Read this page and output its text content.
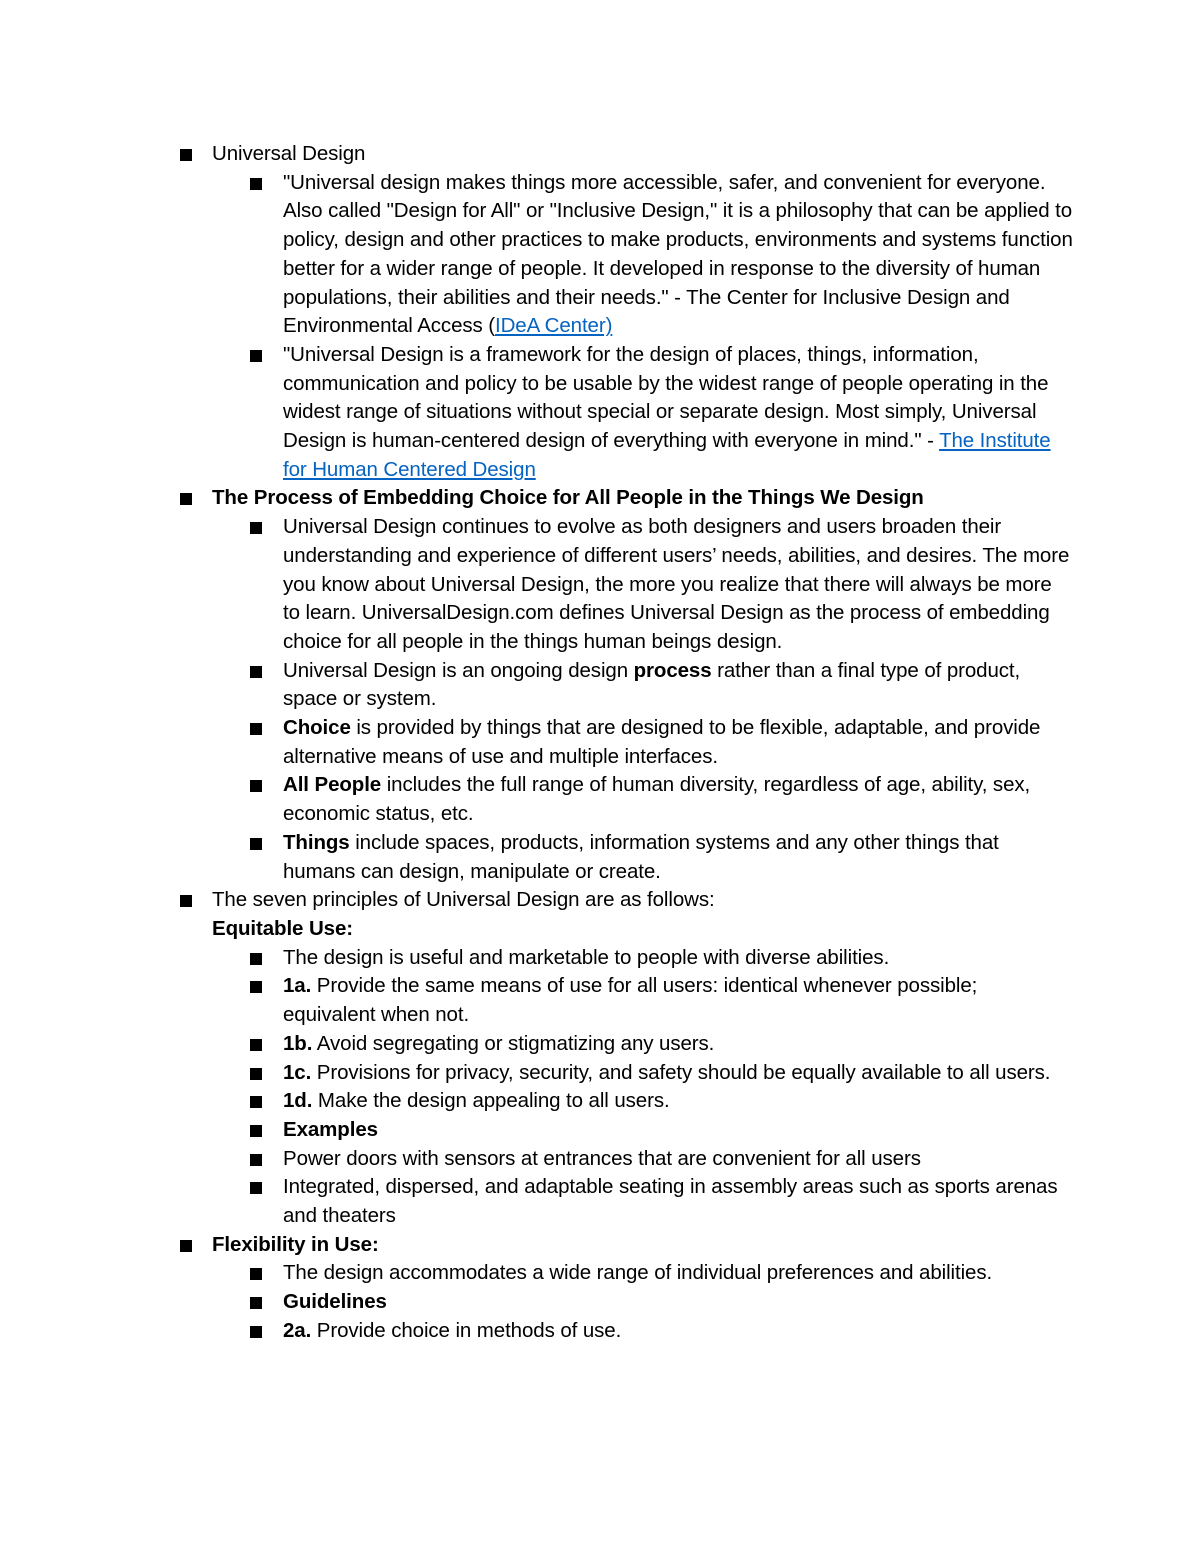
Universal Design
"Universal design makes things more accessible, safer, and convenient for everyone. Also called "Design for All" or "Inclusive Design," it is a philosophy that can be applied to policy, design and other practices to make products, environments and systems function better for a wider range of people. It developed in response to the diversity of human populations, their abilities and their needs." - The Center for Inclusive Design and Environmental Access (IDeA Center)
"Universal Design is a framework for the design of places, things, information, communication and policy to be usable by the widest range of people operating in the widest range of situations without special or separate design. Most simply, Universal Design is human-centered design of everything with everyone in mind." - The Institute for Human Centered Design
The Process of Embedding Choice for All People in the Things We Design
Universal Design continues to evolve as both designers and users broaden their understanding and experience of different users’ needs, abilities, and desires. The more you know about Universal Design, the more you realize that there will always be more to learn. UniversalDesign.com defines Universal Design as the process of embedding choice for all people in the things human beings design.
Universal Design is an ongoing design process rather than a final type of product, space or system.
Choice is provided by things that are designed to be flexible, adaptable, and provide alternative means of use and multiple interfaces.
All People includes the full range of human diversity, regardless of age, ability, sex, economic status, etc.
Things include spaces, products, information systems and any other things that humans can design, manipulate or create.
The seven principles of Universal Design are as follows:
Equitable Use:
The design is useful and marketable to people with diverse abilities.
1a. Provide the same means of use for all users: identical whenever possible; equivalent when not.
1b. Avoid segregating or stigmatizing any users.
1c. Provisions for privacy, security, and safety should be equally available to all users.
1d. Make the design appealing to all users.
Examples
Power doors with sensors at entrances that are convenient for all users
Integrated, dispersed, and adaptable seating in assembly areas such as sports arenas and theaters
Flexibility in Use:
The design accommodates a wide range of individual preferences and abilities.
Guidelines
2a. Provide choice in methods of use.
